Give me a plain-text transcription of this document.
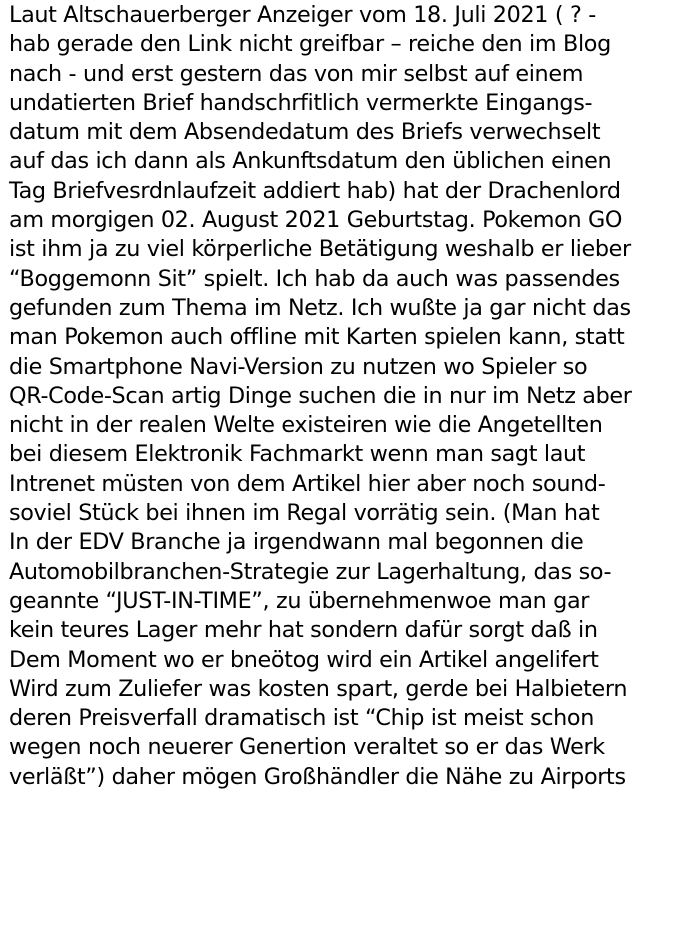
Laut Altschauerberger Anzeiger vom 18. Juli 2021 ( ? -
hab gerade den Link nicht greifbar – reiche den im Blog
nach - und erst gestern das von mir selbst auf einem
undatierten Brief handschrfitlich vermerkte Eingangs-
datum mit dem Absendedatum des Briefs verwechselt
auf das ich dann als Ankunftsdatum den üblichen einen
Tag Briefvesrdnlaufzeit addiert hab) hat der Drachenlord
am morgigen 02. August 2021 Geburtstag. Pokemon GO
ist ihm ja zu viel körperliche Betätigung weshalb er lieber
“Boggemonn Sit” spielt. Ich hab da auch was passendes
gefunden zum Thema im Netz. Ich wußte ja gar nicht das
man Pokemon auch offline mit Karten spielen kann, statt
die Smartphone Navi-Version zu nutzen wo Spieler so
QR-Code-Scan artig Dinge suchen die in nur im Netz aber
nicht in der realen Welte existeiren wie die Angetellten
bei diesem Elektronik Fachmarkt wenn man sagt laut
Intrenet müsten von dem Artikel hier aber noch sound-
soviel Stück bei ihnen im Regal vorrätig sein. (Man hat
In der EDV Branche ja irgendwann mal begonnen die
Automobilbranchen-Strategie zur Lagerhaltung, das so-
geannte “JUST-IN-TIME”, zu übernehmenwoe man gar
kein teures Lager mehr hat sondern dafür sorgt daß in
Dem Moment wo er bneötog wird ein Artikel angelifert
Wird zum Zuliefer was kosten spart, gerde bei Halbietern
deren Preisverfall dramatisch ist “Chip ist meist schon
wegen noch neuerer Genertion veraltet so er das Werk
verläßt”) daher mögen Großhändler die Nähe zu Airports
